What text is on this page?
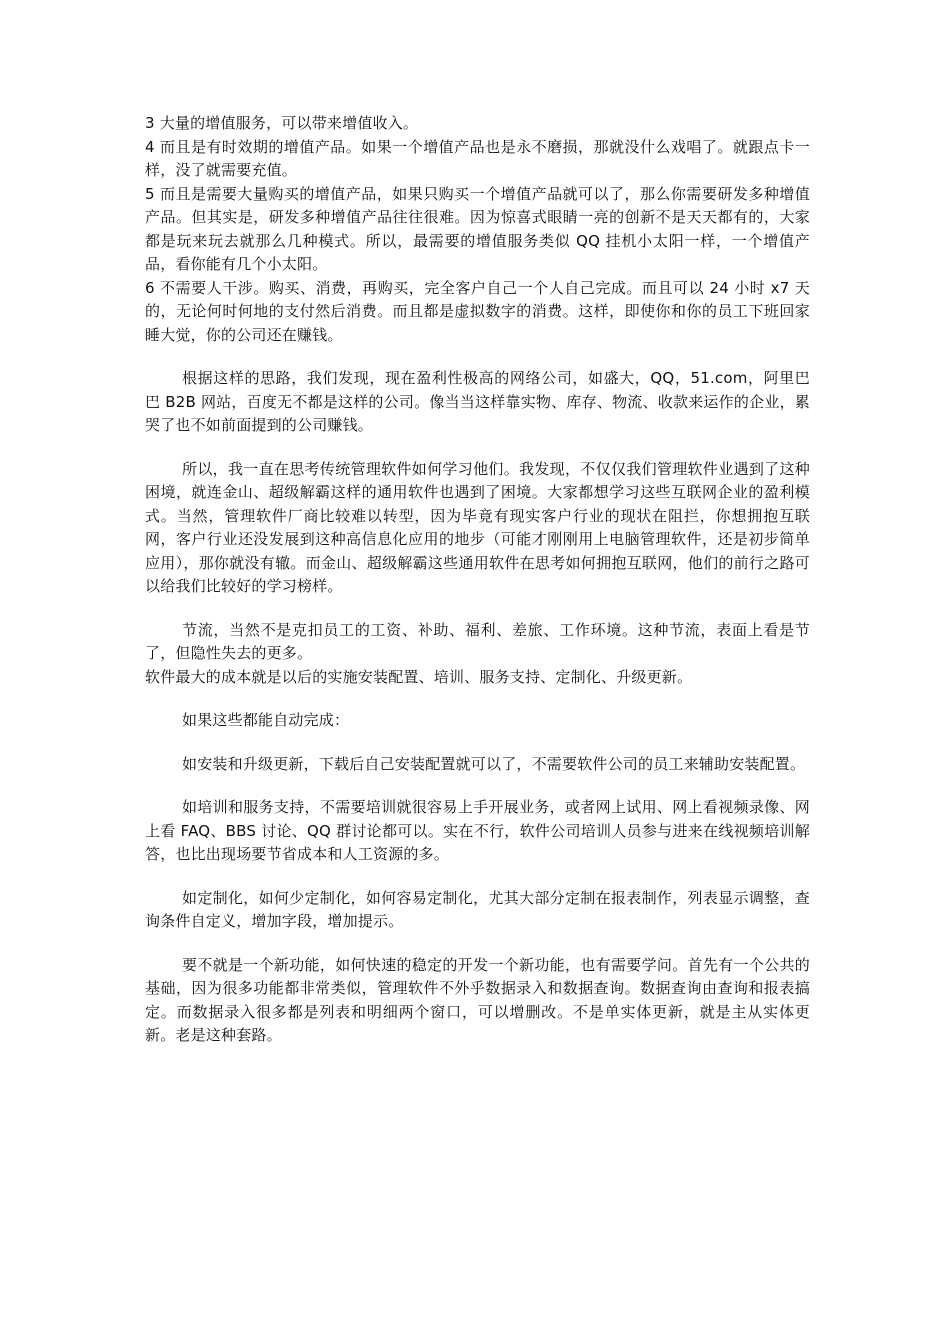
3 大量的增值服务，可以带来增值收入。

4 而且是有时效期的增值产品。如果一个增值产品也是永不磨损，那就没什么戏唱了。就跟点卡一样，没了就需要充值。

5 而且是需要大量购买的增值产品，如果只购买一个增值产品就可以了，那么你需要研发多种增值产品。但其实是，研发多种增值产品往往很难。因为惊喜式眼睛一亮的创新不是天天都有的，大家都是玩来玩去就那么几种模式。所以，最需要的增值服务类似 QQ 挂机小太阳一样，一个增值产品，看你能有几个小太阳。

6 不需要人干涉。购买、消费，再购买，完全客户自己一个人自己完成。而且可以 24 小时 x7 天的，无论何时何地的支付然后消费。而且都是虚拟数字的消费。这样，即使你和你的员工下班回家睡大觉，你的公司还在赚钱。

根据这样的思路，我们发现，现在盈利性极高的网络公司，如盛大，QQ，51.com，阿里巴巴 B2B 网站，百度无不都是这样的公司。像当当这样靠实物、库存、物流、收款来运作的企业，累哭了也不如前面提到的公司赚钱。

所以，我一直在思考传统管理软件如何学习他们。我发现，不仅仅我们管理软件业遇到了这种困境，就连金山、超级解霸这样的通用软件也遇到了困境。大家都想学习这些互联网企业的盈利模式。当然，管理软件厂商比较难以转型，因为毕竟有现实客户行业的现状在阻拦，你想拥抱互联网，客户行业还没发展到这种高信息化应用的地步（可能才刚刚用上电脑管理软件，还是初步简单应用），那你就没有辙。而金山、超级解霸这些通用软件在思考如何拥抱互联网，他们的前行之路可以给我们比较好的学习榜样。

节流，当然不是克扣员工的工资、补助、福利、差旅、工作环境。这种节流，表面上看是节了，但隐性失去的更多。

软件最大的成本就是以后的实施安装配置、培训、服务支持、定制化、升级更新。

如果这些都能自动完成：

如安装和升级更新，下载后自己安装配置就可以了，不需要软件公司的员工来辅助安装配置。

如培训和服务支持，不需要培训就很容易上手开展业务，或者网上试用、网上看视频录像、网上看 FAQ、BBS 讨论、QQ 群讨论都可以。实在不行，软件公司培训人员参与进来在线视频培训解答，也比出现场要节省成本和人工资源的多。

如定制化，如何少定制化，如何容易定制化，尤其大部分定制在报表制作，列表显示调整，查询条件自定义，增加字段，增加提示。

要不就是一个新功能，如何快速的稳定的开发一个新功能，也有需要学问。首先有一个公共的基础，因为很多功能都非常类似，管理软件不外乎数据录入和数据查询。数据查询由查询和报表搞定。而数据录入很多都是列表和明细两个窗口，可以增删改。不是单实体更新，就是主从实体更新。老是这种套路。
